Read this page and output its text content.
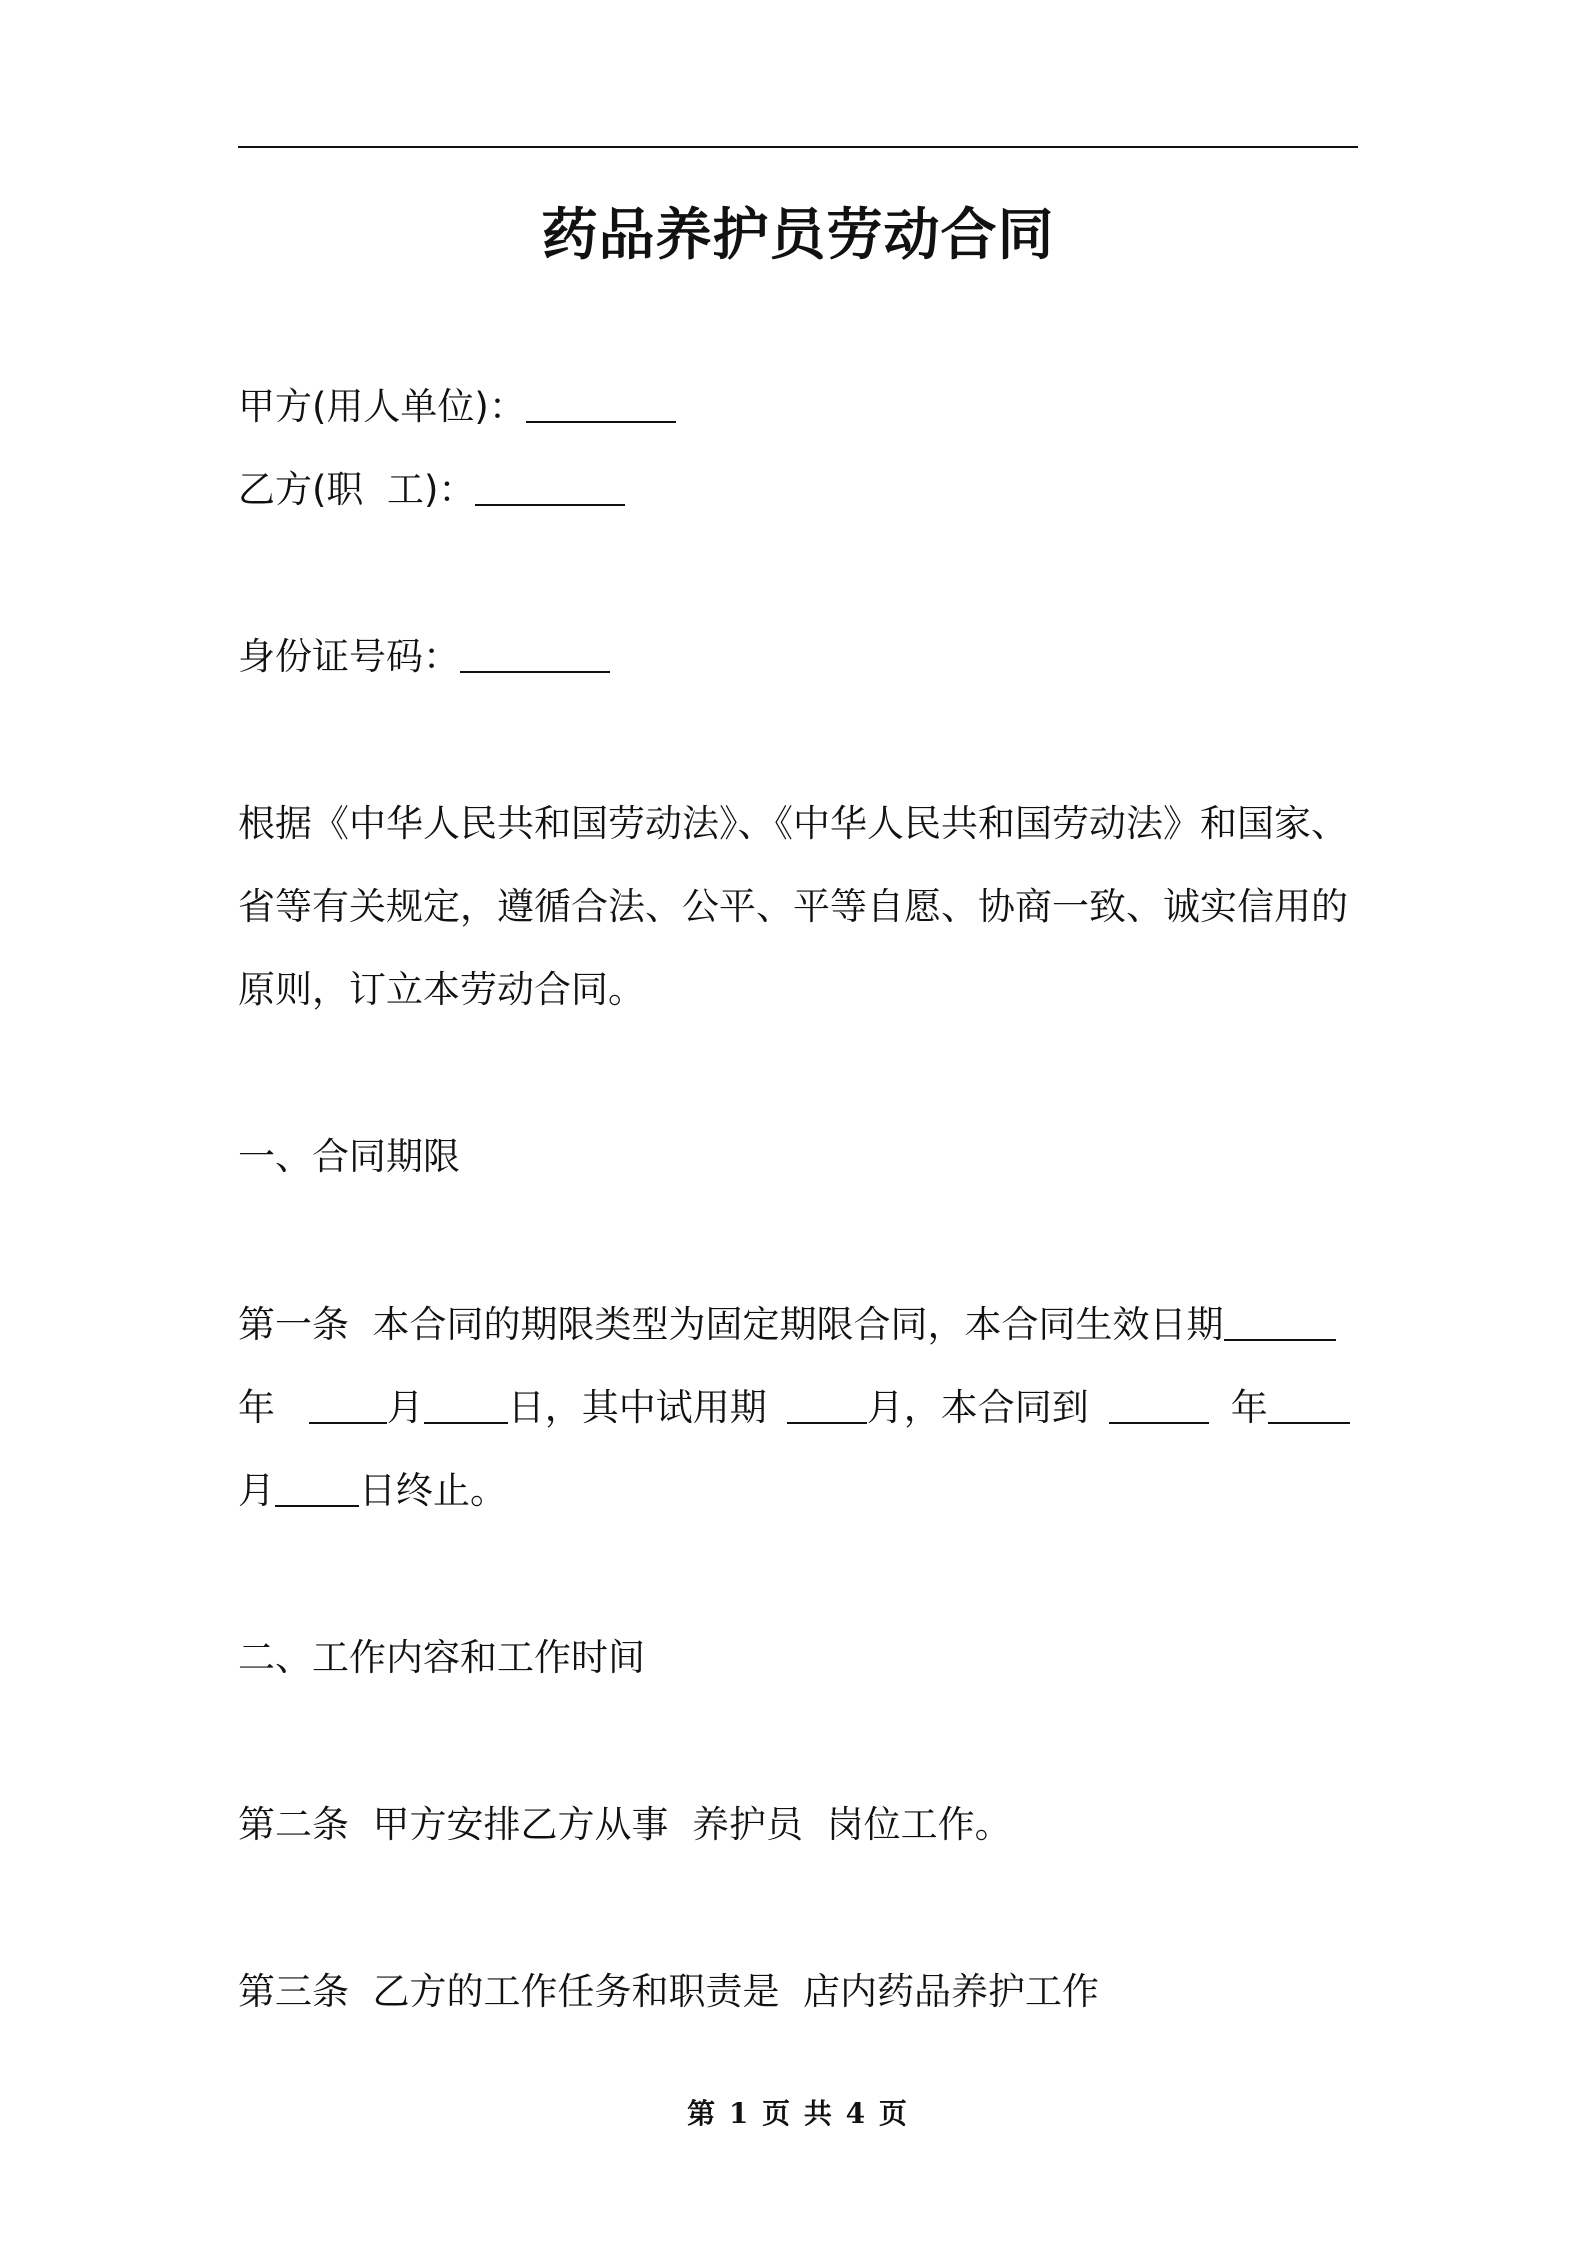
药品养护员劳动合同
甲方(用人单位)：
乙方(职  工)：
身份证号码：
根据《中华人民共和国劳动法》、《中华人民共和国劳动法》和国家、
省等有关规定，遵循合法、公平、平等自愿、协商一致、诚实信用的
原则，订立本劳动合同。
一、合同期限
第一条  本合同的期限类型为固定期限合同，本合同生效日期
年	月 日，其中试用期	月，本合同到	年
月 日终止。
二、工作内容和工作时间
第二条  甲方安排乙方从事  养护员  岗位工作。
第三条  乙方的工作任务和职责是  店内药品养护工作
第 1 页 共 4 页
